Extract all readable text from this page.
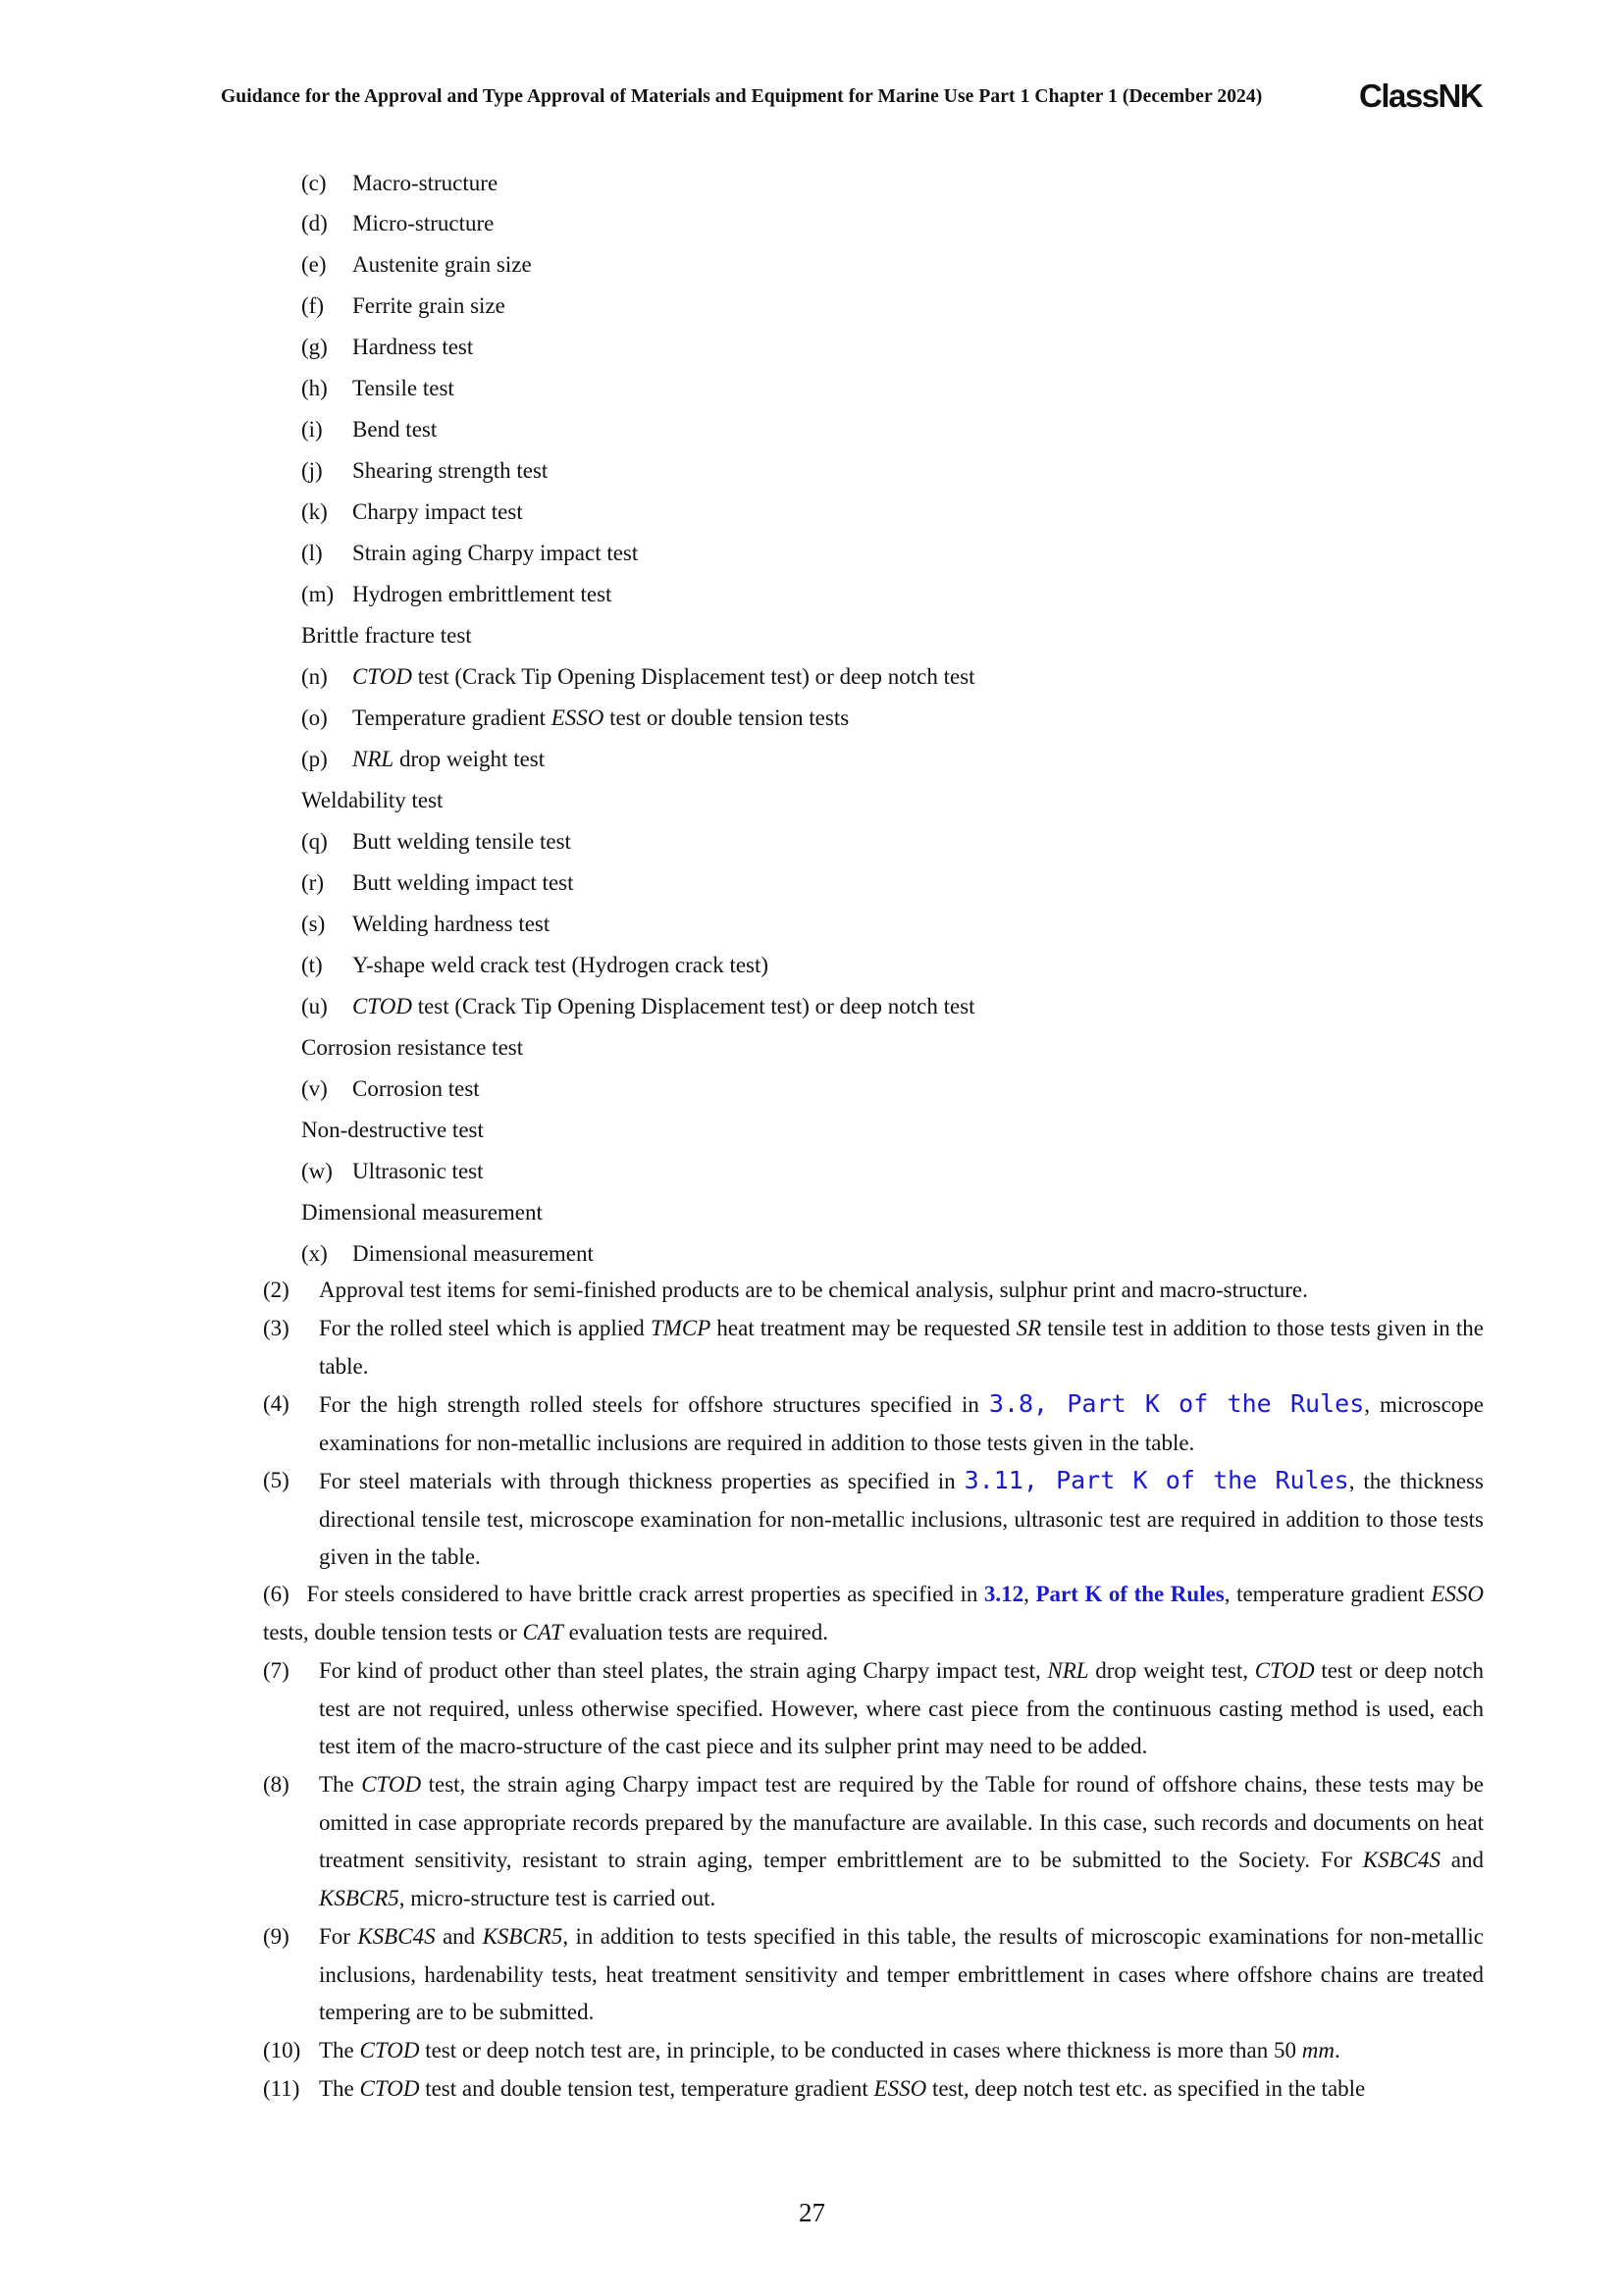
Guidance for the Approval and Type Approval of Materials and Equipment for Marine Use Part 1 Chapter 1 (December 2024)	ClassNK
(c) Macro-structure
(d) Micro-structure
(e) Austenite grain size
(f) Ferrite grain size
(g) Hardness test
(h) Tensile test
(i) Bend test
(j) Shearing strength test
(k) Charpy impact test
(l) Strain aging Charpy impact test
(m) Hydrogen embrittlement test
Brittle fracture test
(n) CTOD test (Crack Tip Opening Displacement test) or deep notch test
(o) Temperature gradient ESSO test or double tension tests
(p) NRL drop weight test
Weldability test
(q) Butt welding tensile test
(r) Butt welding impact test
(s) Welding hardness test
(t) Y-shape weld crack test (Hydrogen crack test)
(u) CTOD test (Crack Tip Opening Displacement test) or deep notch test
Corrosion resistance test
(v) Corrosion test
Non-destructive test
(w) Ultrasonic test
Dimensional measurement
(x) Dimensional measurement
(2) Approval test items for semi-finished products are to be chemical analysis, sulphur print and macro-structure.
(3) For the rolled steel which is applied TMCP heat treatment may be requested SR tensile test in addition to those tests given in the table.
(4) For the high strength rolled steels for offshore structures specified in 3.8, Part K of the Rules, microscope examinations for non-metallic inclusions are required in addition to those tests given in the table.
(5) For steel materials with through thickness properties as specified in 3.11, Part K of the Rules, the thickness directional tensile test, microscope examination for non-metallic inclusions, ultrasonic test are required in addition to those tests given in the table.
(6) For steels considered to have brittle crack arrest properties as specified in 3.12, Part K of the Rules, temperature gradient ESSO tests, double tension tests or CAT evaluation tests are required.
(7) For kind of product other than steel plates, the strain aging Charpy impact test, NRL drop weight test, CTOD test or deep notch test are not required, unless otherwise specified. However, where cast piece from the continuous casting method is used, each test item of the macro-structure of the cast piece and its sulpher print may need to be added.
(8) The CTOD test, the strain aging Charpy impact test are required by the Table for round of offshore chains, these tests may be omitted in case appropriate records prepared by the manufacture are available. In this case, such records and documents on heat treatment sensitivity, resistant to strain aging, temper embrittlement are to be submitted to the Society. For KSBC4S and KSBCR5, micro-structure test is carried out.
(9) For KSBC4S and KSBCR5, in addition to tests specified in this table, the results of microscopic examinations for non-metallic inclusions, hardenability tests, heat treatment sensitivity and temper embrittlement in cases where offshore chains are treated tempering are to be submitted.
(10) The CTOD test or deep notch test are, in principle, to be conducted in cases where thickness is more than 50 mm.
(11) The CTOD test and double tension test, temperature gradient ESSO test, deep notch test etc. as specified in the table
27
